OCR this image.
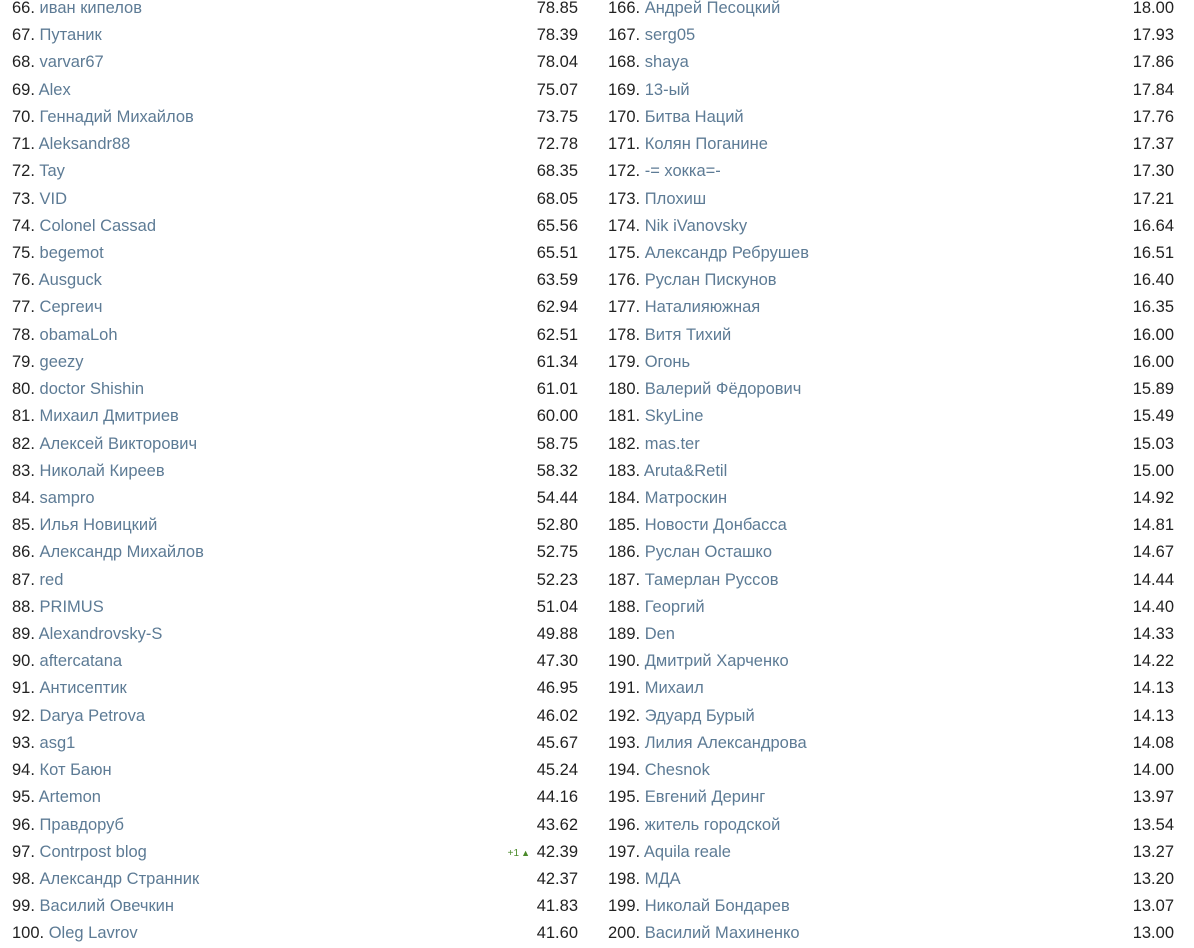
66. иван кипелов	78.85
67. Путаник	78.39
68. varvar67	78.04
69. Alex	75.07
70. Геннадий Михайлов	73.75
71. Aleksandr88	72.78
72. Tay	68.35
73. VID	68.05
74. Colonel Cassad	65.56
75. begemot	65.51
76. Ausguck	63.59
77. Сергеич	62.94
78. obamaLoh	62.51
79. geezy	61.34
80. doctor Shishin	61.01
81. Михаил Дмитриев	60.00
82. Алексей Викторович	58.75
83. Николай Киреев	58.32
84. sampro	54.44
85. Илья Новицкий	52.80
86. Александр Михайлов	52.75
87. red	52.23
88. PRIMUS	51.04
89. Alexandrovsky-S	49.88
90. aftercatana	47.30
91. Антисептик	46.95
92. Darya Petrova	46.02
93. asg1	45.67
94. Кот Баюн	45.24
95. Artemon	44.16
96. Правдоруб	43.62
97. Contrpost blog	+1 ▲ 42.39
98. Александр Странник	42.37
99. Василий Овечкин	41.83
100. Oleg Lavrov	41.60
166. Андрей Песоцкий	18.00
167. serg05	17.93
168. shaya	17.86
169. 13-ый	17.84
170. Битва Наций	17.76
171. Колян Поганине	17.37
172. -= хокка=-	17.30
173. Плохиш	17.21
174. Nik iVanovsky	16.64
175. Александр Ребрушев	16.51
176. Руслан Пискунов	16.40
177. Наталияюжная	16.35
178. Витя Тихий	16.00
179. Огонь	16.00
180. Валерий Фёдорович	15.89
181. SkyLine	15.49
182. mas.ter	15.03
183. Aruta&Retil	15.00
184. Матроскин	14.92
185. Новости Донбасса	14.81
186. Руслан Осташко	14.67
187. Тамерлан Руссов	14.44
188. Георгий	14.40
189. Den	14.33
190. Дмитрий Харченко	14.22
191. Михаил	14.13
192. Эдуард Бурый	14.13
193. Лилия Александрова	14.08
194. Chesnok	14.00
195. Евгений Деринг	13.97
196. житель городской	13.54
197. Aquila reale	13.27
198. МДА	13.20
199. Николай Бондарев	13.07
200. Василий Махиненко	13.00
